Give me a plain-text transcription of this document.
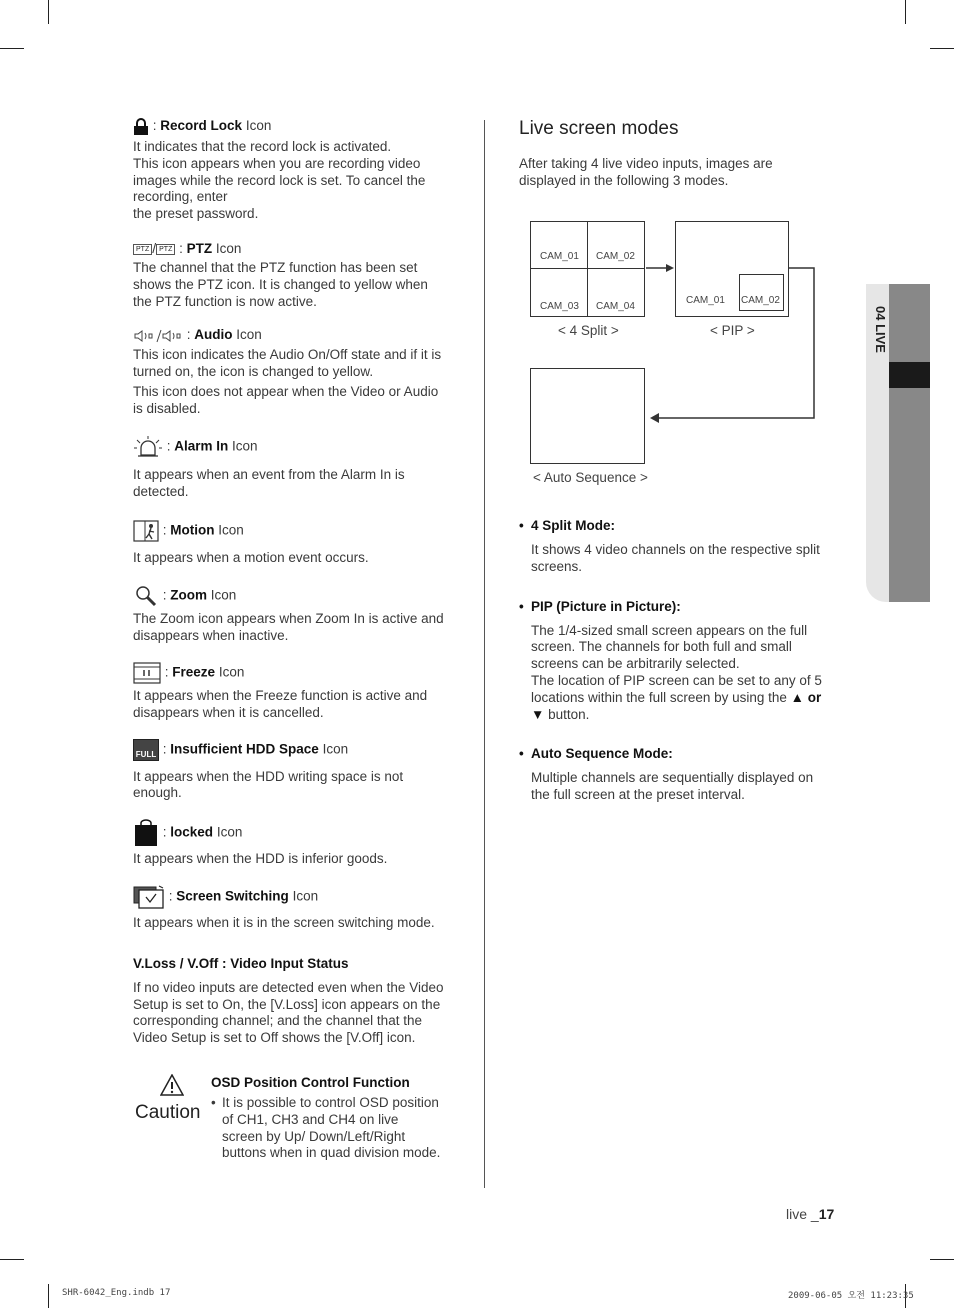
04 LIVE
: Record Lock Icon
It indicates that the record lock is activated.
This icon appears when you are recording video images while the record lock is set. To cancel the recording, enter
the preset password.
PTZ / PTZ : PTZ Icon
The channel that the PTZ function has been set shows the PTZ icon. It is changed to yellow when the PTZ function is now active.
: Audio Icon
This icon indicates the Audio On/Off state and if it is turned on, the icon is changed to yellow.
This icon does not appear when the Video or Audio is disabled.
: Alarm In Icon
It appears when an event from the Alarm In is detected.
: Motion Icon
It appears when a motion event occurs.
: Zoom Icon
The Zoom icon appears when Zoom In is active and disappears when inactive.
: Freeze Icon
It appears when the Freeze function is active and disappears when it is cancelled.
FULL : Insufficient HDD Space Icon
It appears when the HDD writing space is not enough.
: locked Icon
It appears when the HDD is inferior goods.
: Screen Switching Icon
It appears when it is in the screen switching mode.
V.Loss / V.Off : Video Input Status
If no video inputs are detected even when the Video Setup is set to On, the [V.Loss] icon appears on the corresponding channel; and the channel that the Video Setup is set to Off shows the [V.Off] icon.
Caution
OSD Position Control Function
• It is possible to control OSD position of CH1, CH3 and CH4 on live screen by Up/ Down/Left/Right buttons when in quad division mode.
Live screen modes
After taking 4 live video inputs, images are displayed in the following 3 modes.
CAM_01 CAM_02
CAM_03 CAM_04
< 4 Split >
CAM_01 CAM_02
< PIP >
< Auto Sequence >
• 4 Split Mode:
It shows 4 video channels on the respective split screens.
• PIP (Picture in Picture):
The 1/4-sized small screen appears on the full screen. The channels for both full and small screens can be arbitrarily selected.
The location of PIP screen can be set to any of 5 locations within the full screen by using the ▲ or ▼ button.
• Auto Sequence Mode:
Multiple channels are sequentially displayed on the full screen at the preset interval.
live _17
SHR-6042_Eng.indb 17	2009-06-05 오전 11:23:35
